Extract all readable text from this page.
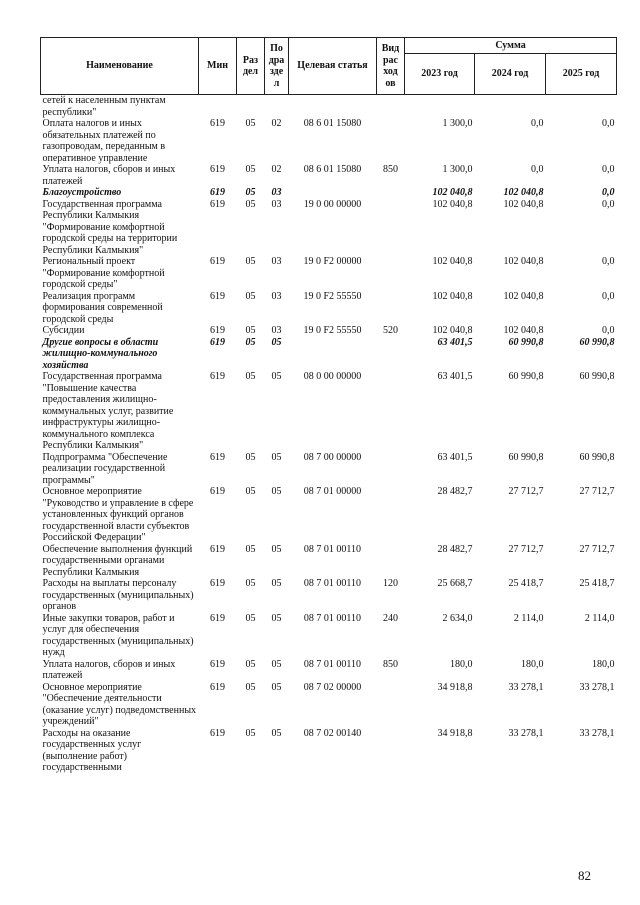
Наименование	Мин	Раз дел	По дра зде л	Целевая статья	Вид рас ход ов	Сумма		
						2023 год	2024 год	2025 год
сетей к населенным пунктам республики"								
Оплата налогов и иных обязательных платежей по газопроводам, переданным в оперативное управление	619	05	02	08 6 01 15080		1 300,0	0,0	0,0
Уплата налогов, сборов и иных платежей	619	05	02	08 6 01 15080	850	1 300,0	0,0	0,0
Благоустройство	619	05	03			102 040,8	102 040,8	0,0
Государственная программа Республики Калмыкия "Формирование комфортной городской среды на территории Республики Калмыкия"	619	05	03	19 0 00 00000		102 040,8	102 040,8	0,0
Региональный проект "Формирование комфортной городской среды"	619	05	03	19 0 F2 00000		102 040,8	102 040,8	0,0
Реализация программ формирования современной городской среды	619	05	03	19 0 F2 55550		102 040,8	102 040,8	0,0
Субсидии	619	05	03	19 0 F2 55550	520	102 040,8	102 040,8	0,0
Другие вопросы в области жилищно-коммунального хозяйства	619	05	05			63 401,5	60 990,8	60 990,8
Государственная программа "Повышение качества предоставления жилищно-коммунальных услуг, развитие инфраструктуры жилищно-коммунального комплекса Республики Калмыкия"	619	05	05	08 0 00 00000		63 401,5	60 990,8	60 990,8
Подпрограмма "Обеспечение реализации государственной программы"	619	05	05	08 7 00 00000		63 401,5	60 990,8	60 990,8
Основное мероприятие "Руководство и управление в сфере установленных функций органов государственной власти субъектов Российской Федерации"	619	05	05	08 7 01 00000		28 482,7	27 712,7	27 712,7
Обеспечение выполнения функций государственными органами Республики Калмыкия	619	05	05	08 7 01 00110		28 482,7	27 712,7	27 712,7
Расходы на выплаты персоналу государственных (муниципальных) органов	619	05	05	08 7 01 00110	120	25 668,7	25 418,7	25 418,7
Иные закупки товаров, работ и услуг для обеспечения государственных (муниципальных) нужд	619	05	05	08 7 01 00110	240	2 634,0	2 114,0	2 114,0
Уплата налогов, сборов и иных платежей	619	05	05	08 7 01 00110	850	180,0	180,0	180,0
Основное мероприятие "Обеспечение деятельности (оказание услуг) подведомственных учреждений"	619	05	05	08 7 02 00000		34 918,8	33 278,1	33 278,1
Расходы на оказание государственных услуг (выполнение работ) государственными	619	05	05	08 7 02 00140		34 918,8	33 278,1	33 278,1
82
